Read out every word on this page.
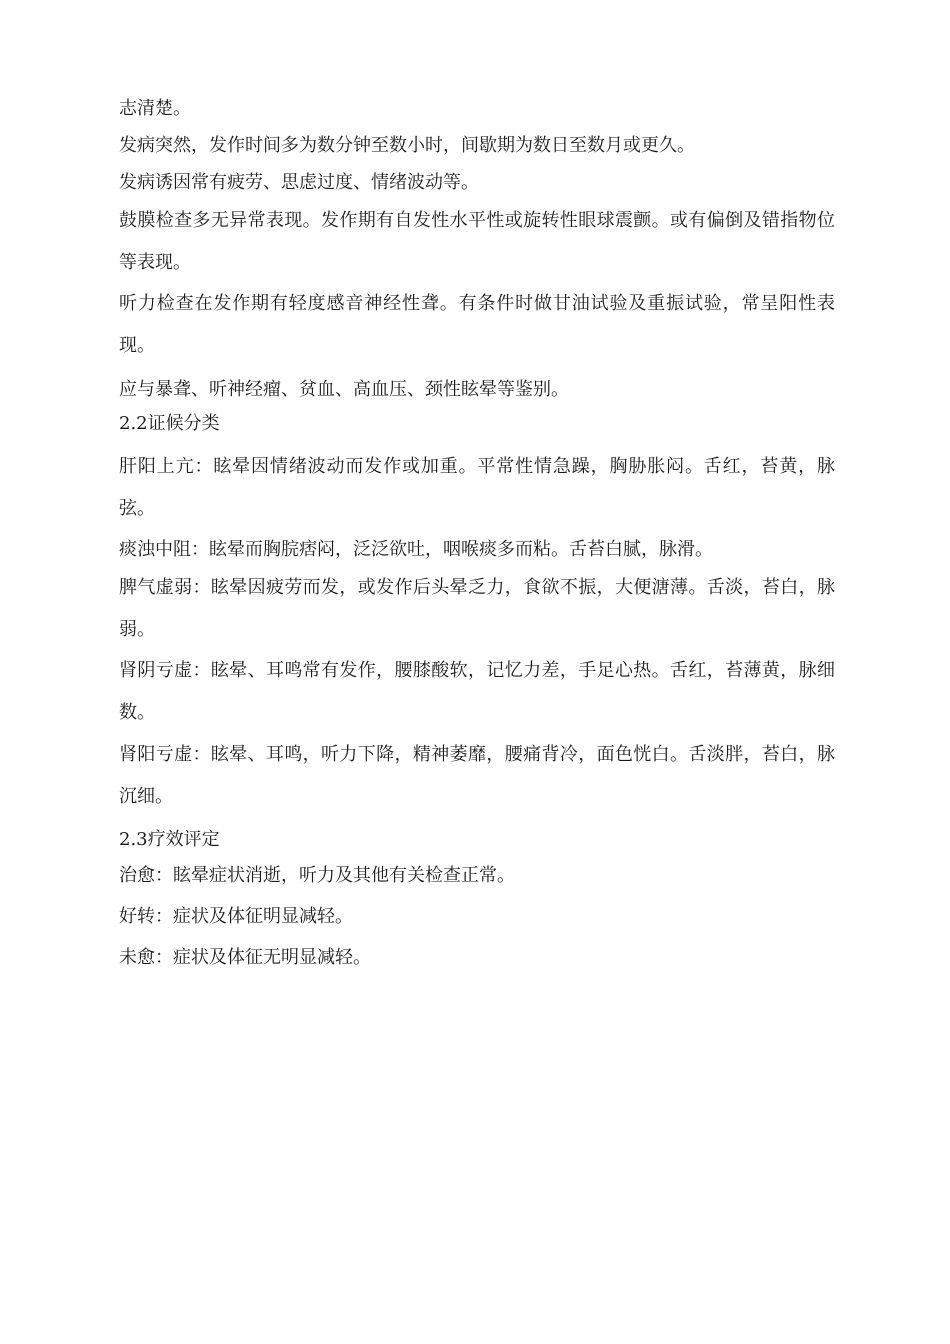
志清楚。

发病突然，发作时间多为数分钟至数小时，间歇期为数日至数月或更久。

发病诱因常有疲劳、思虑过度、情绪波动等。

鼓膜检查多无异常表现。发作期有自发性水平性或旋转性眼球震颤。或有偏倒及错指物位等表现。

听力检查在发作期有轻度感音神经性聋。有条件时做甘油试验及重振试验，常呈阳性表现。

应与暴聋、听神经瘤、贫血、高血压、颈性眩晕等鉴别。

2.2证候分类

肝阳上亢：眩晕因情绪波动而发作或加重。平常性情急躁，胸胁胀闷。舌红，苔黄，脉弦。

痰浊中阻：眩晕而胸脘痞闷，泛泛欲吐，咽喉痰多而粘。舌苔白腻，脉滑。

脾气虚弱：眩晕因疲劳而发，或发作后头晕乏力，食欲不振，大便溏薄。舌淡，苔白，脉弱。

肾阴亏虚：眩晕、耳鸣常有发作，腰膝酸软，记忆力差，手足心热。舌红，苔薄黄，脉细数。

肾阳亏虚：眩晕、耳鸣，听力下降，精神萎靡，腰痛背冷，面色恍白。舌淡胖，苔白，脉沉细。

2.3疗效评定

治愈：眩晕症状消逝，听力及其他有关检查正常。

好转：症状及体征明显减轻。

未愈：症状及体征无明显减轻。
